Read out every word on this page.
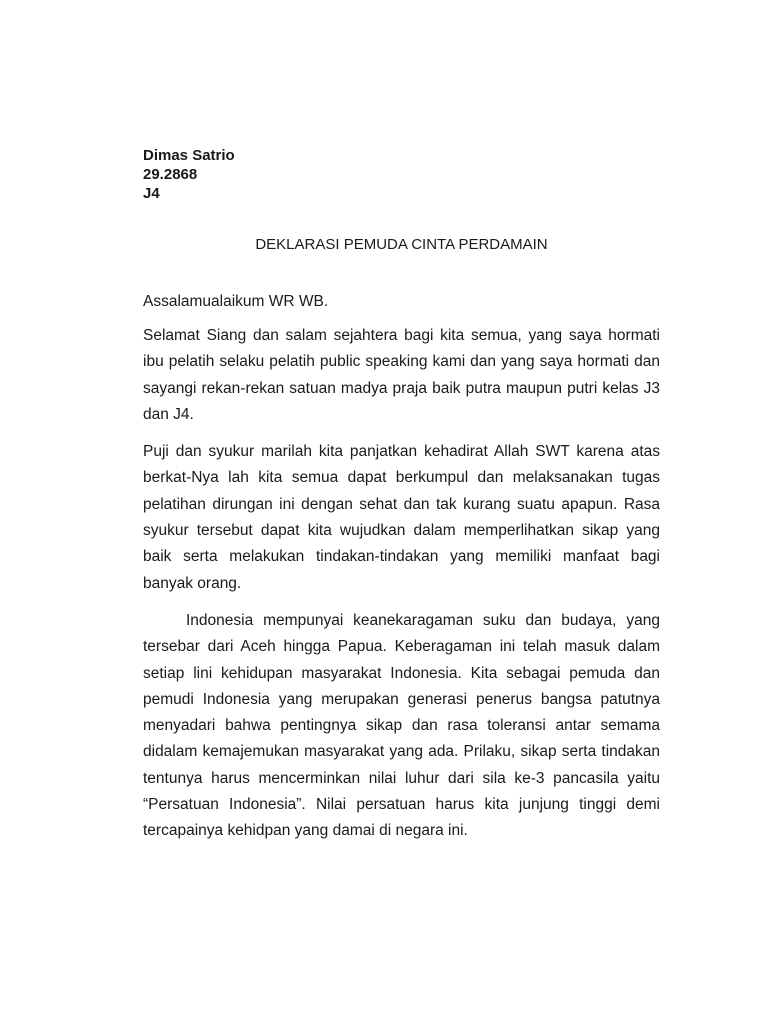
Dimas Satrio
29.2868
J4
DEKLARASI PEMUDA CINTA PERDAMAIN
Assalamualaikum WR WB.

Selamat Siang dan salam sejahtera bagi kita semua, yang saya hormati ibu pelatih selaku pelatih public speaking kami dan yang saya hormati dan sayangi rekan-rekan satuan madya praja baik putra maupun putri kelas J3 dan J4.

Puji dan syukur marilah kita panjatkan kehadirat Allah SWT karena atas berkat-Nya lah kita semua dapat berkumpul dan melaksanakan tugas pelatihan dirungan ini dengan sehat dan tak kurang suatu apapun. Rasa syukur tersebut dapat kita wujudkan dalam memperlihatkan sikap yang baik serta melakukan tindakan-tindakan yang memiliki manfaat bagi banyak orang.

Indonesia mempunyai keanekaragaman suku dan budaya, yang tersebar dari Aceh hingga Papua. Keberagaman ini telah masuk dalam setiap lini kehidupan masyarakat Indonesia. Kita sebagai pemuda dan pemudi Indonesia yang merupakan generasi penerus bangsa patutnya menyadari bahwa pentingnya sikap dan rasa toleransi antar semama didalam kemajemukan masyarakat yang ada. Prilaku, sikap serta tindakan tentunya harus mencerminkan nilai luhur dari sila ke-3 pancasila yaitu “Persatuan Indonesia”. Nilai persatuan harus kita junjung tinggi demi tercapainya kehidpan yang damai di negara ini.
